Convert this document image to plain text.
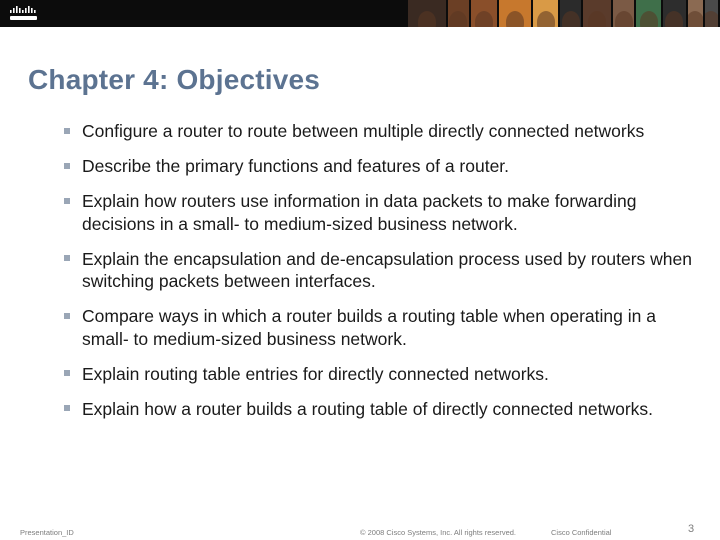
Chapter 4: Objectives
Configure a router to route between multiple directly connected networks
Describe the primary functions and features of a router.
Explain how routers use information in data packets to make forwarding decisions in a small- to medium-sized business network.
Explain the encapsulation and de-encapsulation process used by routers when switching packets between interfaces.
Compare ways in which a router builds a routing table when operating in a small- to medium-sized business network.
Explain routing table entries for directly connected networks.
Explain how a router builds a routing table of directly connected networks.
Presentation_ID	© 2008 Cisco Systems, Inc. All rights reserved.	Cisco Confidential	3
